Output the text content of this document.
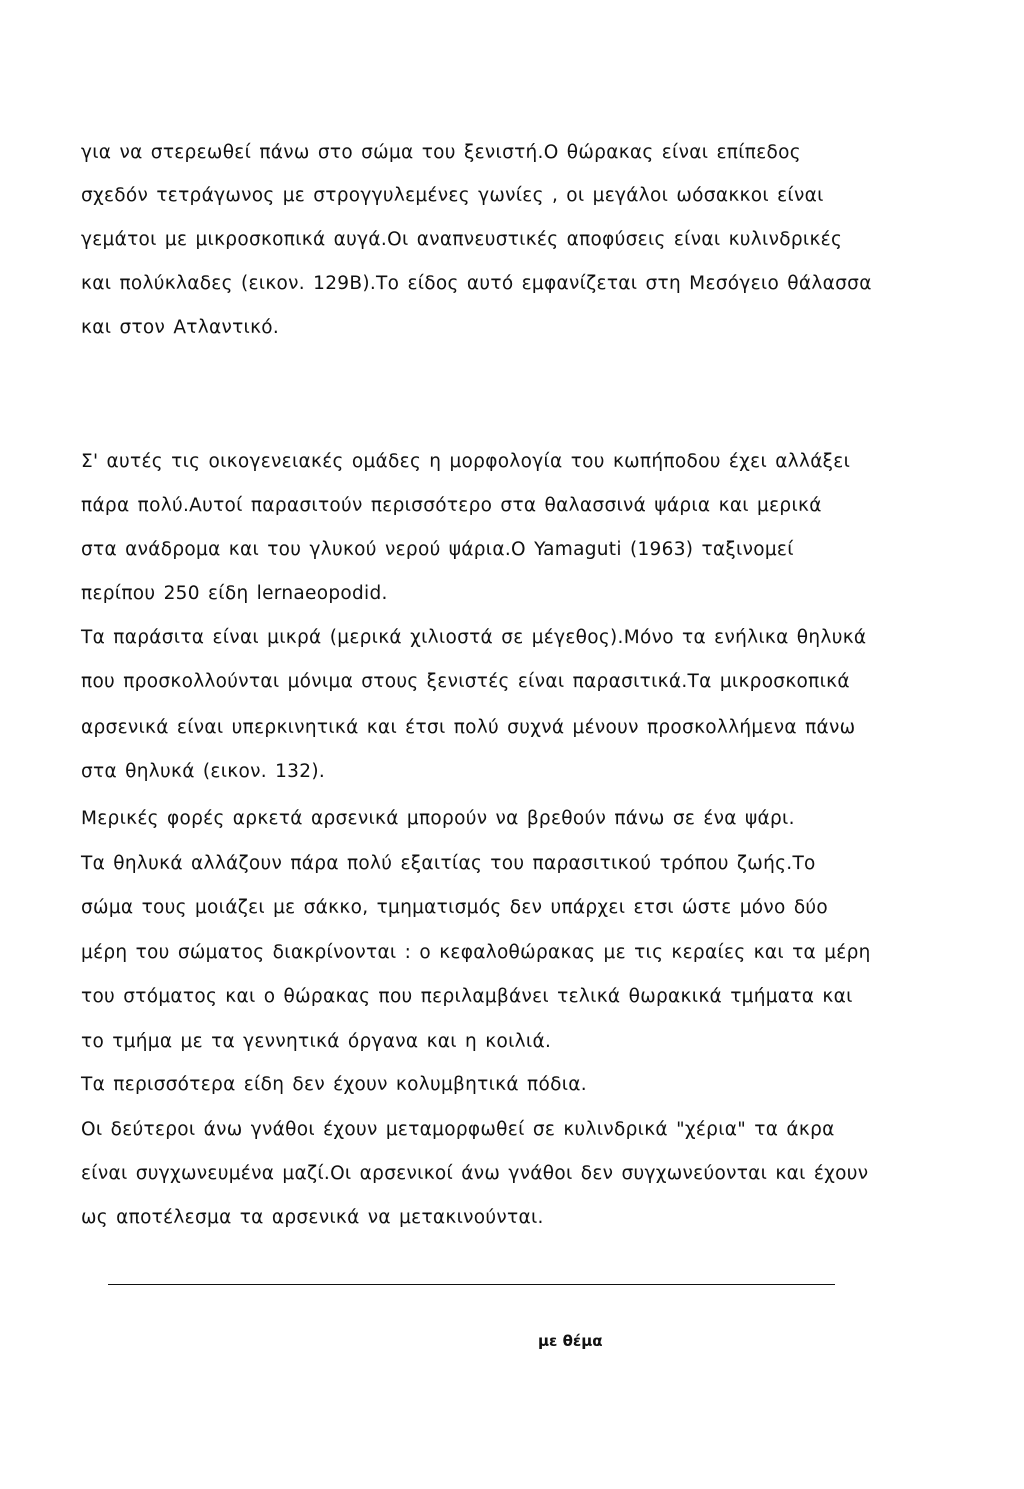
για να στερεωθεί πάνω στο σώμα του ξενιστή.Ο θώρακας είναι επίπεδος
σχεδόν τετράγωνος με στρογγυλεμένες γωνίες , οι μεγάλοι ωόσακκοι είναι
γεμάτοι με μικροσκοπικά αυγά.Οι αναπνευστικές αποφύσεις είναι κυλινδρικές
και πολύκλαδες (εικον. 129Β).Το είδος αυτό εμφανίζεται στη Μεσόγειο θάλασσα
και στον Ατλαντικό.
Σ' αυτές τις οικογενειακές ομάδες η μορφολογία του κωπήποδου έχει αλλάξει
πάρα πολύ.Αυτοί παρασιτούν περισσότερο στα θαλασσινά ψάρια και μερικά
στα ανάδρομα και του γλυκού νερού ψάρια.Ο Yamaguti (1963) ταξινομεί
περίπου 250 είδη lernaeopodid.
Τα παράσιτα είναι μικρά (μερικά χιλιοστά σε μέγεθος).Μόνο τα ενήλικα θηλυκά
που προσκολλούνται μόνιμα στους ξενιστές είναι παρασιτικά.Τα μικροσκοπικά
αρσενικά είναι υπερκινητικά και έτσι πολύ συχνά μένουν προσκολλήμενα πάνω
στα θηλυκά (εικον. 132).
Μερικές φορές αρκετά αρσενικά μπορούν να βρεθούν πάνω σε ένα ψάρι.
Τα θηλυκά αλλάζουν πάρα πολύ εξαιτίας του παρασιτικού τρόπου ζωής.Το
σώμα τους μοιάζει με σάκκο, τμηματισμός δεν υπάρχει ετσι ώστε μόνο δύο
μέρη του σώματος διακρίνονται : ο κεφαλοθώρακας με τις κεραίες και τα μέρη
του στόματος και ο θώρακας που περιλαμβάνει τελικά θωρακικά τμήματα και
το τμήμα με τα γεννητικά όργανα και η κοιλιά.
Τα περισσότερα είδη δεν έχουν κολυμβητικά πόδια.
Οι δεύτεροι άνω γνάθοι έχουν μεταμορφωθεί σε κυλινδρικά "χέρια" τα άκρα
είναι συγχωνευμένα μαζί.Οι αρσενικοί άνω γνάθοι δεν συγχωνεύονται και έχουν
ως αποτέλεσμα τα αρσενικά να μετακινούνται.
με θέμα
